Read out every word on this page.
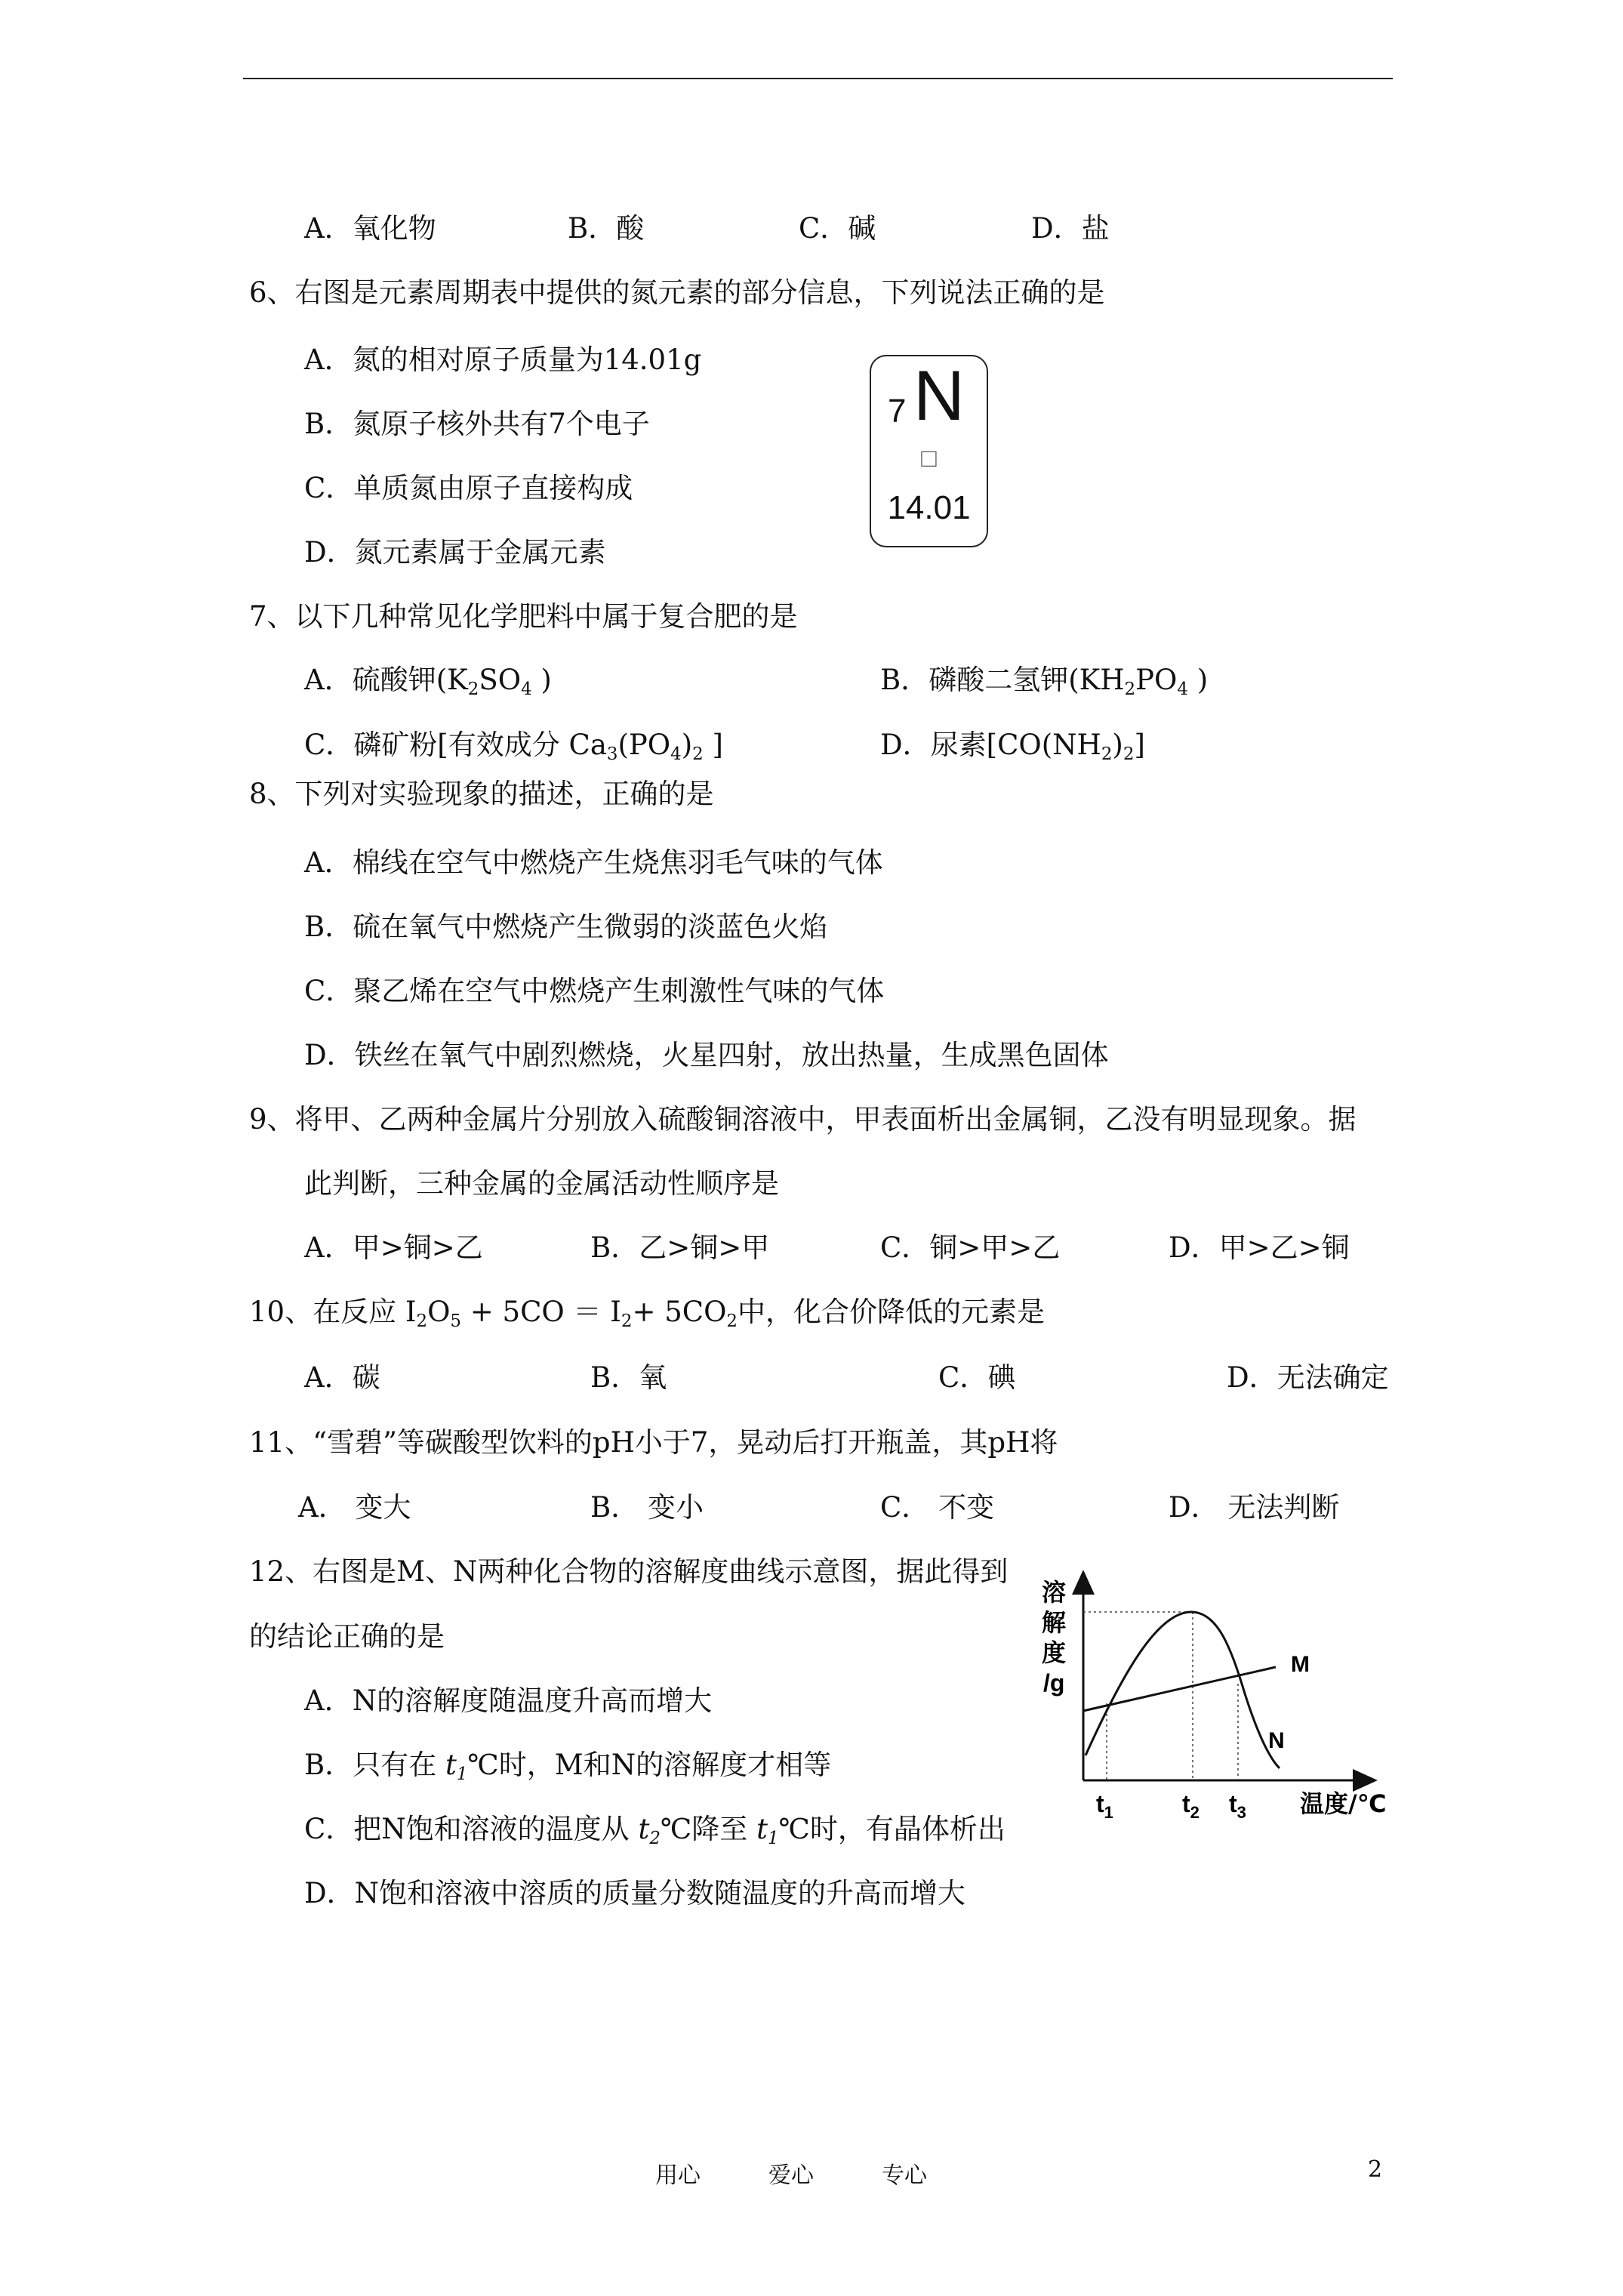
A．氧化物	B．酸	C．碱	D．盐
6、右图是元素周期表中提供的氮元素的部分信息，下列说法正确的是
A．氮的相对原子质量为14.01g
B．氮原子核外共有7个电子
C．单质氮由原子直接构成
D．氮元素属于金属元素
7 N
□
14.01
7、以下几种常见化学肥料中属于复合肥的是
A．硫酸钾($K_2SO_4$ )	B．磷酸二氢钾($KH_2PO_4$ )
C．磷矿粉[有效成分 $Ca_3(PO_4)_2$ ]	D．尿素$[CO(NH_2)_2]$
8、下列对实验现象的描述，正确的是
A．棉线在空气中燃烧产生烧焦羽毛气味的气体
B．硫在氧气中燃烧产生微弱的淡蓝色火焰
C．聚乙烯在空气中燃烧产生刺激性气味的气体
D．铁丝在氧气中剧烈燃烧，火星四射，放出热量，生成黑色固体
9、将甲、乙两种金属片分别放入硫酸铜溶液中，甲表面析出金属铜，乙没有明显现象。据
此判断，三种金属的金属活动性顺序是
A．甲>铜>乙	B．乙>铜>甲	C．铜>甲>乙	D．甲>乙>铜
10、在反应 $I_2O_5 + 5CO = I_2+ 5CO_2$中，化合价降低的元素是
A．碳	B．氧	C．碘	D．无法确定
11、“雪碧”等碳酸型饮料的pH小于7，晃动后打开瓶盖，其pH将
A． 变大	B． 变小	C． 不变	D． 无法判断
12、右图是M、N两种化合物的溶解度曲线示意图，据此得到
的结论正确的是
A．N的溶解度随温度升高而增大
B．只有在 $t_1℃$时，M和N的溶解度才相等
C．把N饱和溶液的温度从 $t_2℃$降至 $t_1℃$时，有晶体析出
D．N饱和溶液中溶质的质量分数随温度的升高而增大
M
N
溶
解
度
/g
$t_1$	$t_2$ $t_3$ 温度/℃
用心　　　爱心　　　专心	2
